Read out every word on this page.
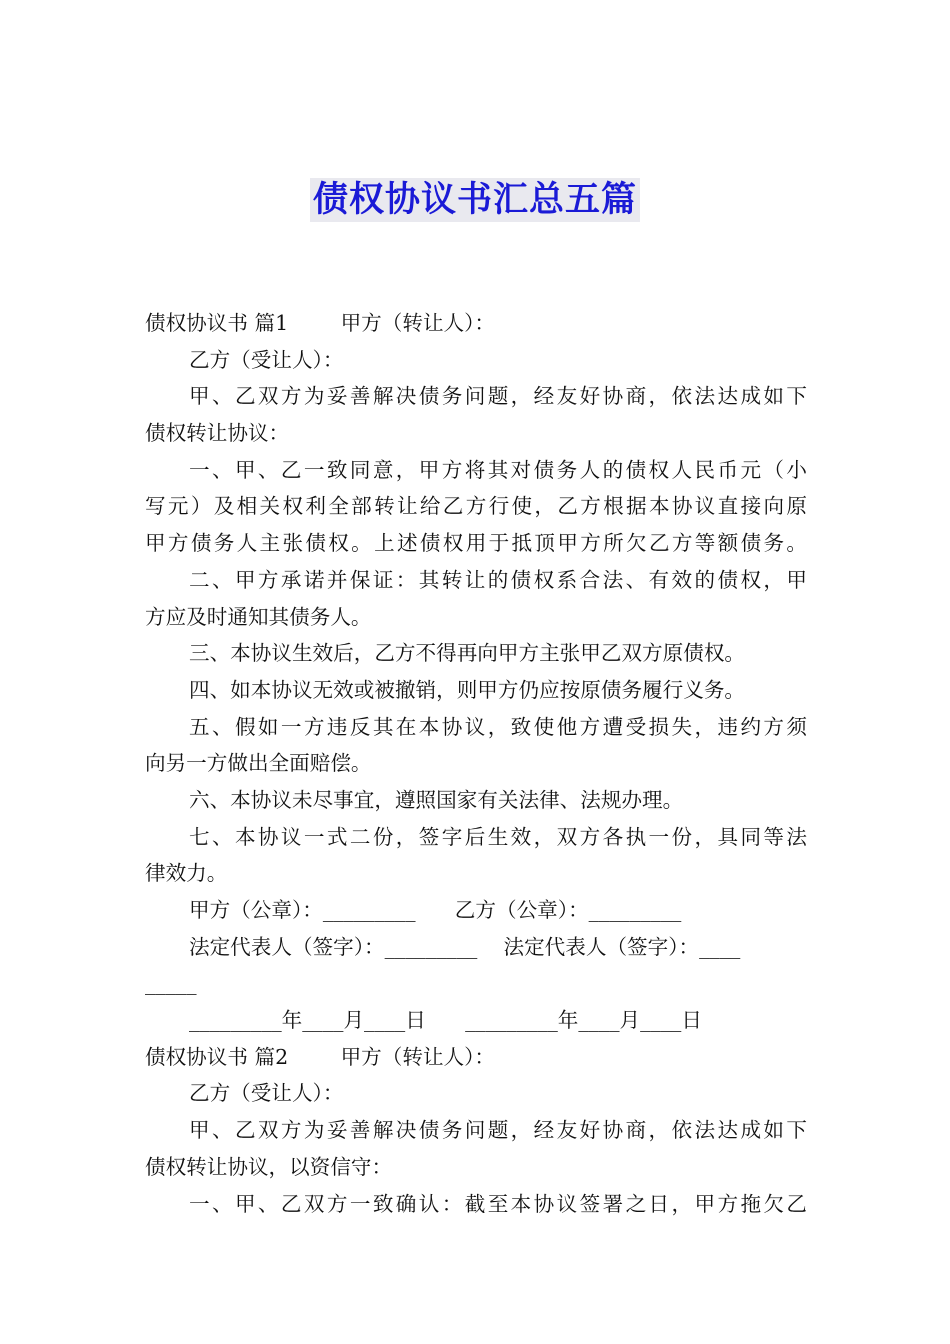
债权协议书汇总五篇
债权协议书 篇1        甲方（转让人）：
乙方（受让人）：
甲、乙双方为妥善解决债务问题，经友好协商，依法达成如下
债权转让协议：
一、甲、乙一致同意，甲方将其对债务人的债权人民币元（小
写元）及相关权利全部转让给乙方行使，乙方根据本协议直接向原
甲方债务人主张债权。上述债权用于抵顶甲方所欠乙方等额债务。
二、甲方承诺并保证：其转让的债权系合法、有效的债权，甲
方应及时通知其债务人。
三、本协议生效后，乙方不得再向甲方主张甲乙双方原债权。
四、如本协议无效或被撤销，则甲方仍应按原债务履行义务。
五、假如一方违反其在本协议，致使他方遭受损失，违约方须
向另一方做出全面赔偿。
六、本协议未尽事宜，遵照国家有关法律、法规办理。
七、本协议一式二份，签字后生效，双方各执一份，具同等法
律效力。
甲方（公章）：_________      乙方（公章）：_________
法定代表人（签字）：_________    法定代表人（签字）：____
_____
_________年____月____日      _________年____月____日
债权协议书 篇2        甲方（转让人）：
乙方（受让人）：
甲、乙双方为妥善解决债务问题，经友好协商，依法达成如下
债权转让协议，以资信守：
一、甲、乙双方一致确认：截至本协议签署之日，甲方拖欠乙
